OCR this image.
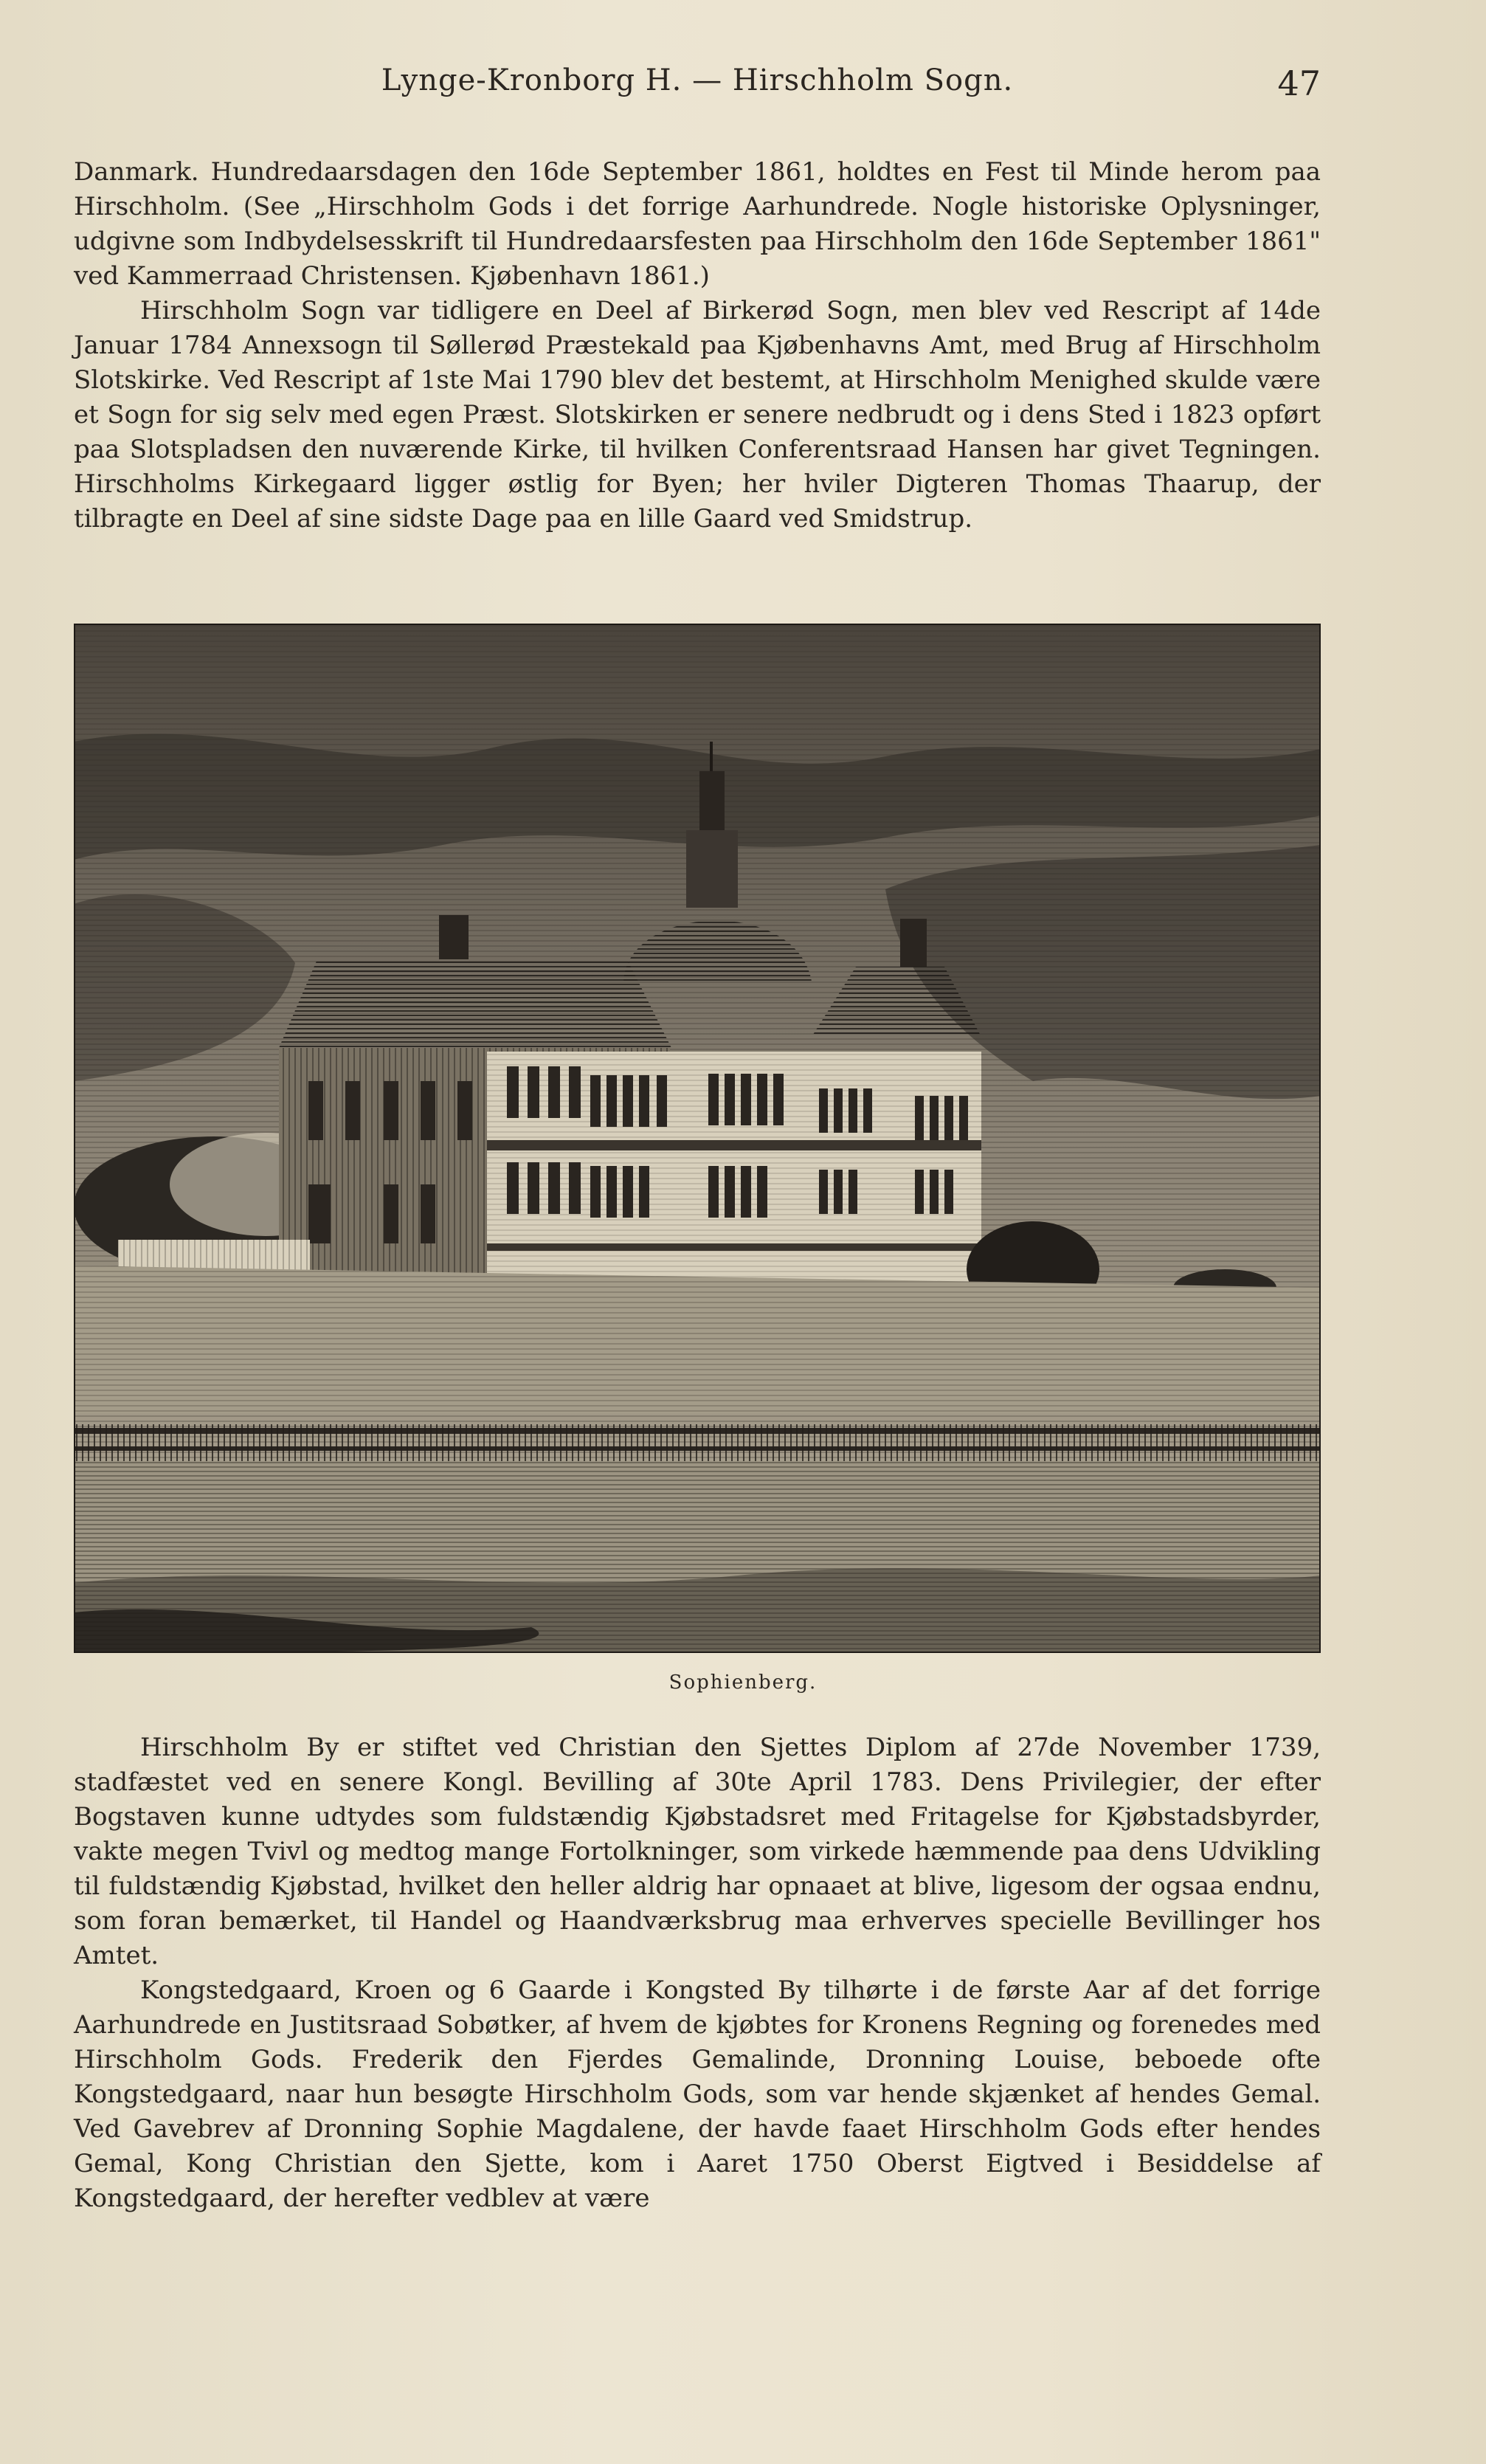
Lynge-Kronborg H. — Hirschholm Sogn.	47

Danmark. Hundredaarsdagen den 16de September 1861, holdtes en Fest til Minde herom paa Hirschholm. (See „Hirschholm Gods i det forrige Aarhundrede. Nogle historiske Oplysninger, udgivne som Indbydelsesskrift til Hundredaarsfesten paa Hirschholm den 16de September 1861" ved Kammerraad Christensen. Kjøbenhavn 1861.)

Hirschholm Sogn var tidligere en Deel af Birkerød Sogn, men blev ved Rescript af 14de Januar 1784 Annexsogn til Søllerød Præstekald paa Kjøbenhavns Amt, med Brug af Hirschholm Slotskirke. Ved Rescript af 1ste Mai 1790 blev det bestemt, at Hirschholm Menighed skulde være et Sogn for sig selv med egen Præst. Slotskirken er senere nedbrudt og i dens Sted i 1823 opført paa Slotspladsen den nuværende Kirke, til hvilken Conferentsraad Hansen har givet Tegningen. Hirschholms Kirkegaard ligger østlig for Byen; her hviler Digteren Thomas Thaarup, der tilbragte en Deel af sine sidste Dage paa en lille Gaard ved Smidstrup.

Sophienberg.

Hirschholm By er stiftet ved Christian den Sjettes Diplom af 27de November 1739, stadfæstet ved en senere Kongl. Bevilling af 30te April 1783. Dens Privilegier, der efter Bogstaven kunne udtydes som fuldstændig Kjøbstadsret med Fritagelse for Kjøbstadsbyrder, vakte megen Tvivl og medtog mange Fortolkninger, som virkede hæmmende paa dens Udvikling til fuldstændig Kjøbstad, hvilket den heller aldrig har opnaaet at blive, ligesom der ogsaa endnu, som foran bemærket, til Handel og Haandværksbrug maa erhverves specielle Bevillinger hos Amtet.

Kongstedgaard, Kroen og 6 Gaarde i Kongsted By tilhørte i de første Aar af det forrige Aarhundrede en Justitsraad Sobøtker, af hvem de kjøbtes for Kronens Regning og forenedes med Hirschholm Gods. Frederik den Fjerdes Gemalinde, Dronning Louise, beboede ofte Kongstedgaard, naar hun besøgte Hirschholm Gods, som var hende skjænket af hendes Gemal. Ved Gavebrev af Dronning Sophie Magdalene, der havde faaet Hirschholm Gods efter hendes Gemal, Kong Christian den Sjette, kom i Aaret 1750 Oberst Eigtved i Besiddelse af Kongstedgaard, der herefter vedblev at være
